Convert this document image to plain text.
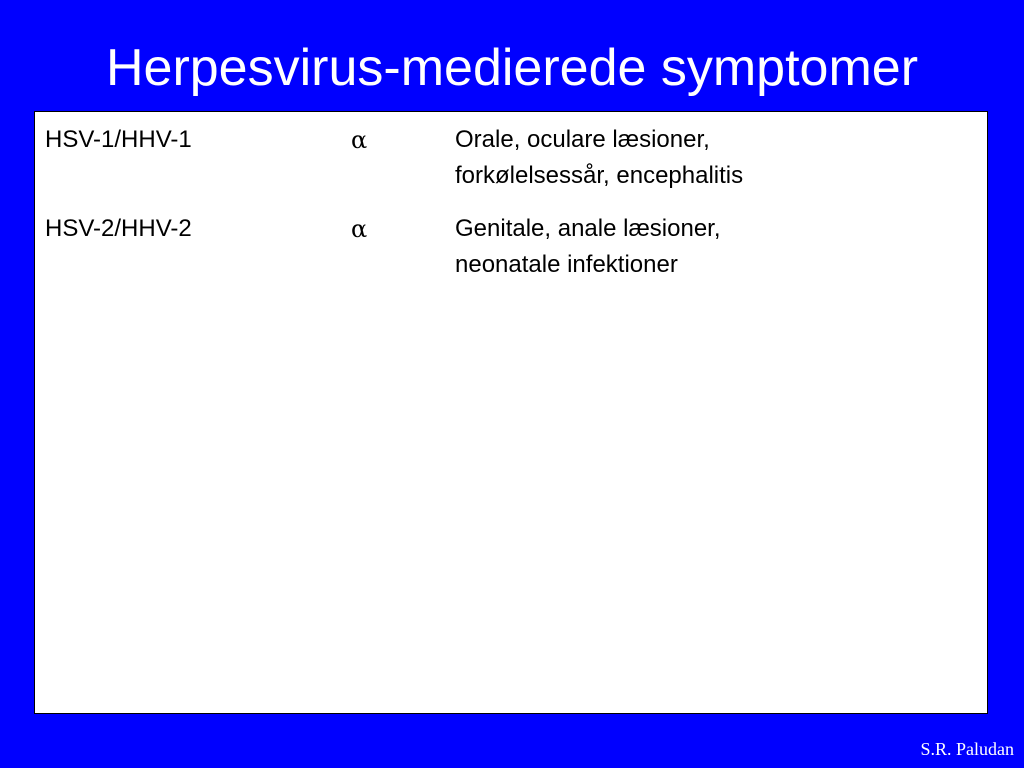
Herpesvirus-medierede symptomer
HSV-1/HHV-1	α	Orale, oculare læsioner,
forkølelsessår, encephalitis
HSV-2/HHV-2	α	Genitale, anale læsioner,
neonatale infektioner
S.R. Paludan
